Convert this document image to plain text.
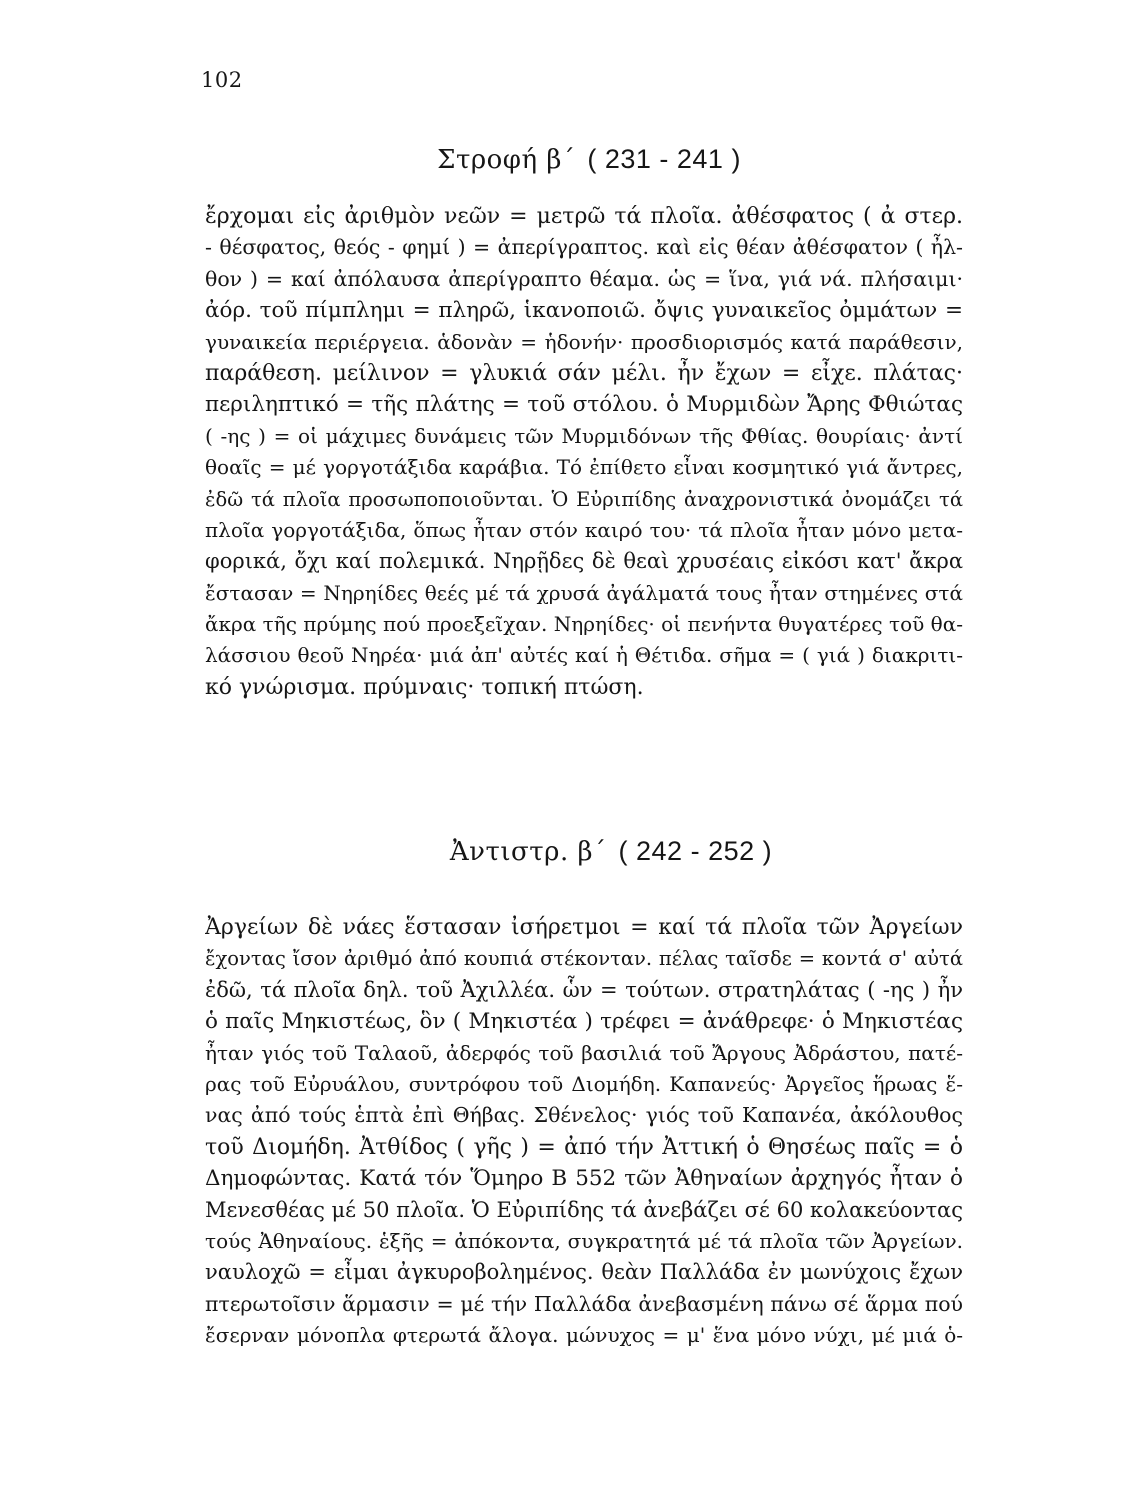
102
Στροφή β΄ ( 231 - 241 )
ἔρχομαι εἰς ἀριθμὸν νεῶν = μετρῶ τά πλοῖα. ἀθέσφατος ( ἀ στερ.
- θέσφατος, θεός - φημί ) = ἀπερίγραπτος. καὶ εἰς θέαν ἀθέσφατον ( ἦλ-
θον ) = καί ἀπόλαυσα ἀπερίγραπτο θέαμα. ὡς = ἵνα, γιά νά. πλήσαιμι·
ἀόρ. τοῦ πίμπλημι = πληρῶ, ἱκανοποιῶ. ὄψις γυναικεῖος ὀμμάτων =
γυναικεία περιέργεια. ἁδονὰν = ἡδονήν· προσδιορισμός κατά παράθεσιν,
παράθεση. μείλινον = γλυκιά σάν μέλι. ἦν ἔχων = εἶχε. πλάτας·
περιληπτικό = τῆς πλάτης = τοῦ στόλου. ὁ Μυρμιδὼν Ἄρης Φθιώτας
( -ης ) = οἱ μάχιμες δυνάμεις τῶν Μυρμιδόνων τῆς Φθίας. θουρίαις· ἀντί
θοαῖς = μέ γοργοτάξιδα καράβια. Τό ἐπίθετο εἶναι κοσμητικό γιά ἄντρες,
ἐδῶ τά πλοῖα προσωποποιοῦνται. Ὁ Εὐριπίδης ἀναχρονιστικά ὀνομάζει τά
πλοῖα γοργοτάξιδα, ὅπως ἦταν στόν καιρό του· τά πλοῖα ἦταν μόνο μετα-
φορικά, ὄχι καί πολεμικά. Νηρῇδες δὲ θεαὶ χρυσέαις εἰκόσι κατ' ἄκρα
ἔστασαν = Νηρηίδες θεές μέ τά χρυσά ἀγάλματά τους ἦταν στημένες στά
ἄκρα τῆς πρύμης πού προεξεῖχαν. Νηρηίδες· οἱ πενήντα θυγατέρες τοῦ θα-
λάσσιου θεοῦ Νηρέα· μιά ἀπ' αὐτές καί ἡ Θέτιδα. σῆμα = ( γιά ) διακριτι-
κό γνώρισμα. πρύμναις· τοπική πτώση.
Ἀντιστρ. β΄ ( 242 - 252 )
Ἀργείων δὲ νάες ἕστασαν ἰσήρετμοι = καί τά πλοῖα τῶν Ἀργείων
ἔχοντας ἴσον ἀριθμό ἀπό κουπιά στέκονταν. πέλας ταῖσδε = κοντά σ' αὐτά
ἐδῶ, τά πλοῖα δηλ. τοῦ Ἀχιλλέα. ὧν = τούτων. στρατηλάτας ( -ης ) ἦν
ὁ παῖς Μηκιστέως, ὃν ( Μηκιστέα ) τρέφει = ἀνάθρεφε· ὁ Μηκιστέας
ἦταν γιός τοῦ Ταλαοῦ, ἀδερφός τοῦ βασιλιά τοῦ Ἄργους Ἀδράστου, πατέ-
ρας τοῦ Εὐρυάλου, συντρόφου τοῦ Διομήδη. Καπανεύς· Ἀργεῖος ἥρωας ἕ-
νας ἀπό τούς ἑπτὰ ἐπὶ Θήβας. Σθένελος· γιός τοῦ Καπανέα, ἀκόλουθος
τοῦ Διομήδη. Ἀτθίδος ( γῆς ) = ἀπό τήν Ἀττική ὁ Θησέως παῖς = ὁ
Δημοφώντας. Κατά τόν Ὅμηρο Β 552 τῶν Ἀθηναίων ἀρχηγός ἦταν ὁ
Μενεσθέας μέ 50 πλοῖα. Ὁ Εὐριπίδης τά ἀνεβάζει σέ 60 κολακεύοντας
τούς Ἀθηναίους. ἑξῆς = ἀπόκοντα, συγκρατητά μέ τά πλοῖα τῶν Ἀργείων.
ναυλοχῶ = εἶμαι ἀγκυροβολημένος. θεὰν Παλλάδα ἐν μωνύχοις ἔχων
πτερωτοῖσιν ἅρμασιν = μέ τήν Παλλάδα ἀνεβασμένη πάνω σέ ἅρμα πού
ἔσερναν μόνοπλα φτερωτά ἄλογα. μώνυχος = μ' ἕνα μόνο νύχι, μέ μιά ὁ-
